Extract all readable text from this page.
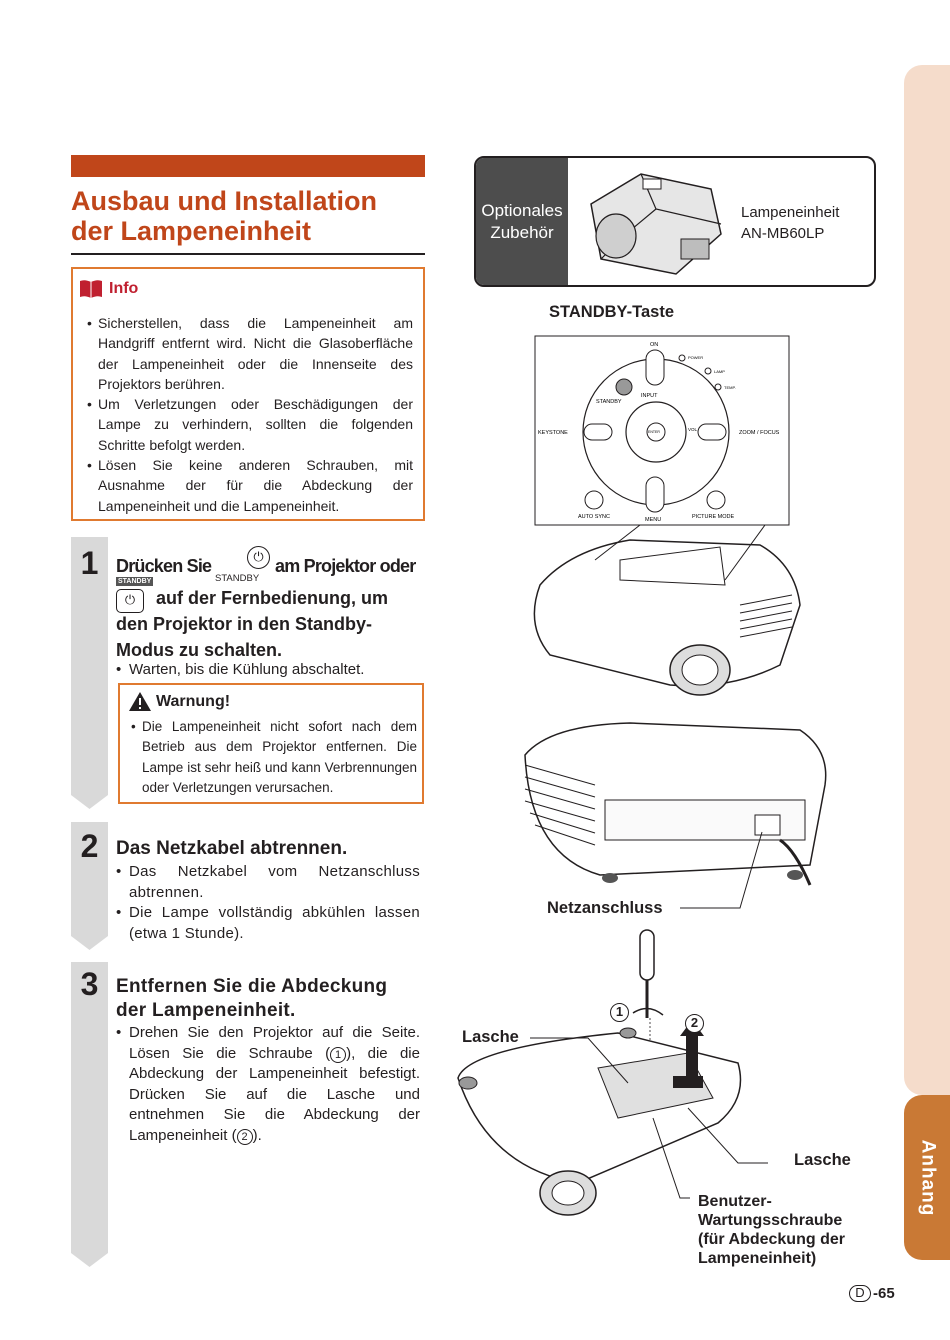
Anhang
Ausbau und Installation der Lampeneinheit
Info
• Sicherstellen, dass die Lampeneinheit am Handgriff entfernt wird. Nicht die Glasoberfläche der Lampeneinheit oder die Innenseite des Projektors berühren.
• Um Verletzungen oder Beschädigungen der Lampe zu verhindern, sollten die folgenden Schritte befolgt werden.
• Lösen Sie keine anderen Schrauben, mit Ausnahme der für die Abdeckung der Lampeneinheit und die Lampeneinheit.
1 Drücken Sie
STANDBY
⏻
STANDBY
am Projektor oder
⏻	auf der Fernbedienung, um den Projektor in den Standby-Modus zu schalten.
• Warten, bis die Kühlung abschaltet.
Warnung!
• Die Lampeneinheit nicht sofort nach dem Betrieb aus dem Projektor entfernen. Die Lampe ist sehr heiß und kann Verbrennungen oder Verletzungen verursachen.
2 Das Netzkabel abtrennen.
• Das Netzkabel vom Netzanschluss abtrennen.
• Die Lampe vollständig abkühlen lassen (etwa 1 Stunde).
3 Entfernen Sie die Abdeckung der Lampeneinheit.
• Drehen Sie den Projektor auf die Seite. Lösen Sie die Schraube ( 1 ), die die Abdeckung der Lampeneinheit befestigt. Drücken Sie auf die Lasche und entnehmen Sie die Abdeckung der Lampeneinheit ( 2 ).
Optionales Zubehör
Lampeneinheit
AN-MB60LP
STANDBY-Taste
ON
STANDBY
INPUT
KEYSTONE	ENTER	VOL
ZOOM / FOCUS
AUTO SYNC	MENU	PICTURE MODE
POWER
LAMP
TEMP.
Netzanschluss
1
2
Lasche
Lasche
Benutzer-
Wartungsschraube
(für Abdeckung der
Lampeneinheit)
D -65
